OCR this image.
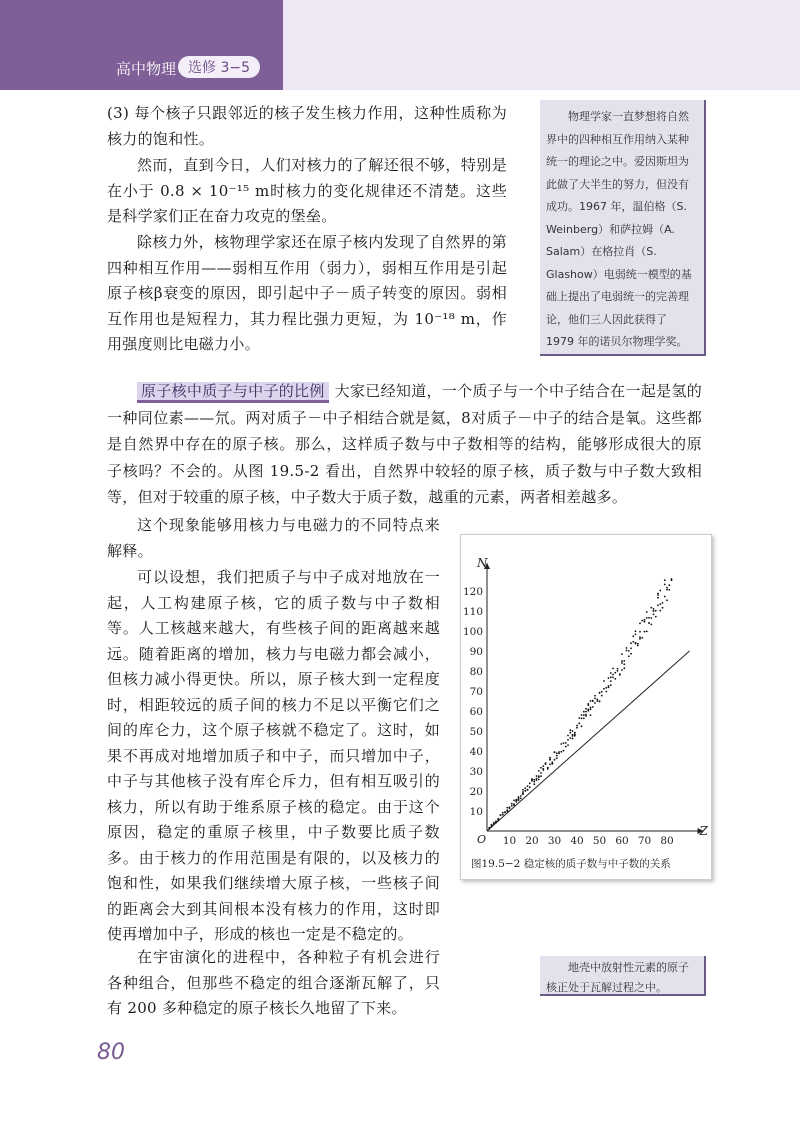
高中物理 选修 3−5

(3) 每个核子只跟邻近的核子发生核力作用，这种性质称为核力的饱和性。

然而，直到今日，人们对核力的了解还很不够，特别是在小于 0.8 × 10⁻¹⁵ m时核力的变化规律还不清楚。这些是科学家们正在奋力攻克的堡垒。

除核力外，核物理学家还在原子核内发现了自然界的第四种相互作用——弱相互作用（弱力），弱相互作用是引起原子核β衰变的原因，即引起中子－质子转变的原因。弱相互作用也是短程力，其力程比强力更短，为 10⁻¹⁸ m，作用强度则比电磁力小。

物理学家一直梦想将自然界中的四种相互作用纳入某种统一的理论之中。爱因斯坦为此做了大半生的努力，但没有成功。1967 年，温伯格（S. Weinberg）和萨拉姆（A. Salam）在格拉肖（S. Glashow）电弱统一模型的基础上提出了电弱统一的完善理论，他们三人因此获得了 1979 年的诺贝尔物理学奖。

原子核中质子与中子的比例 大家已经知道，一个质子与一个中子结合在一起是氢的一种同位素——氘。两对质子－中子相结合就是氦，8对质子－中子的结合是氧。这些都是自然界中存在的原子核。那么，这样质子数与中子数相等的结构，能够形成很大的原子核吗？不会的。从图 19.5-2 看出，自然界中较轻的原子核，质子数与中子数大致相等，但对于较重的原子核，中子数大于质子数，越重的元素，两者相差越多。

这个现象能够用核力与电磁力的不同特点来解释。

可以设想，我们把质子与中子成对地放在一起，人工构建原子核，它的质子数与中子数相等。人工核越来越大，有些核子间的距离越来越远。随着距离的增加，核力与电磁力都会减小，但核力减小得更快。所以，原子核大到一定程度时，相距较远的质子间的核力不足以平衡它们之间的库仑力，这个原子核就不稳定了。这时，如果不再成对地增加质子和中子，而只增加中子，中子与其他核子没有库仑斥力，但有相互吸引的核力，所以有助于维系原子核的稳定。由于这个原因，稳定的重原子核里，中子数要比质子数多。由于核力的作用范围是有限的，以及核力的饱和性，如果我们继续增大原子核，一些核子间的距离会大到其间根本没有核力的作用，这时即使再增加中子，形成的核也一定是不稳定的。

在宇宙演化的进程中，各种粒子有机会进行各种组合，但那些不稳定的组合逐渐瓦解了，只有 200 多种稳定的原子核长久地留了下来。

Z
N
O 10 20 30 40 50 60 70 80
10
20
30
40
50
60
70
80
90
100
110
120
图19.5−2 稳定核的质子数与中子数的关系
地壳中放射性元素的原子核正处于瓦解过程之中。
80
